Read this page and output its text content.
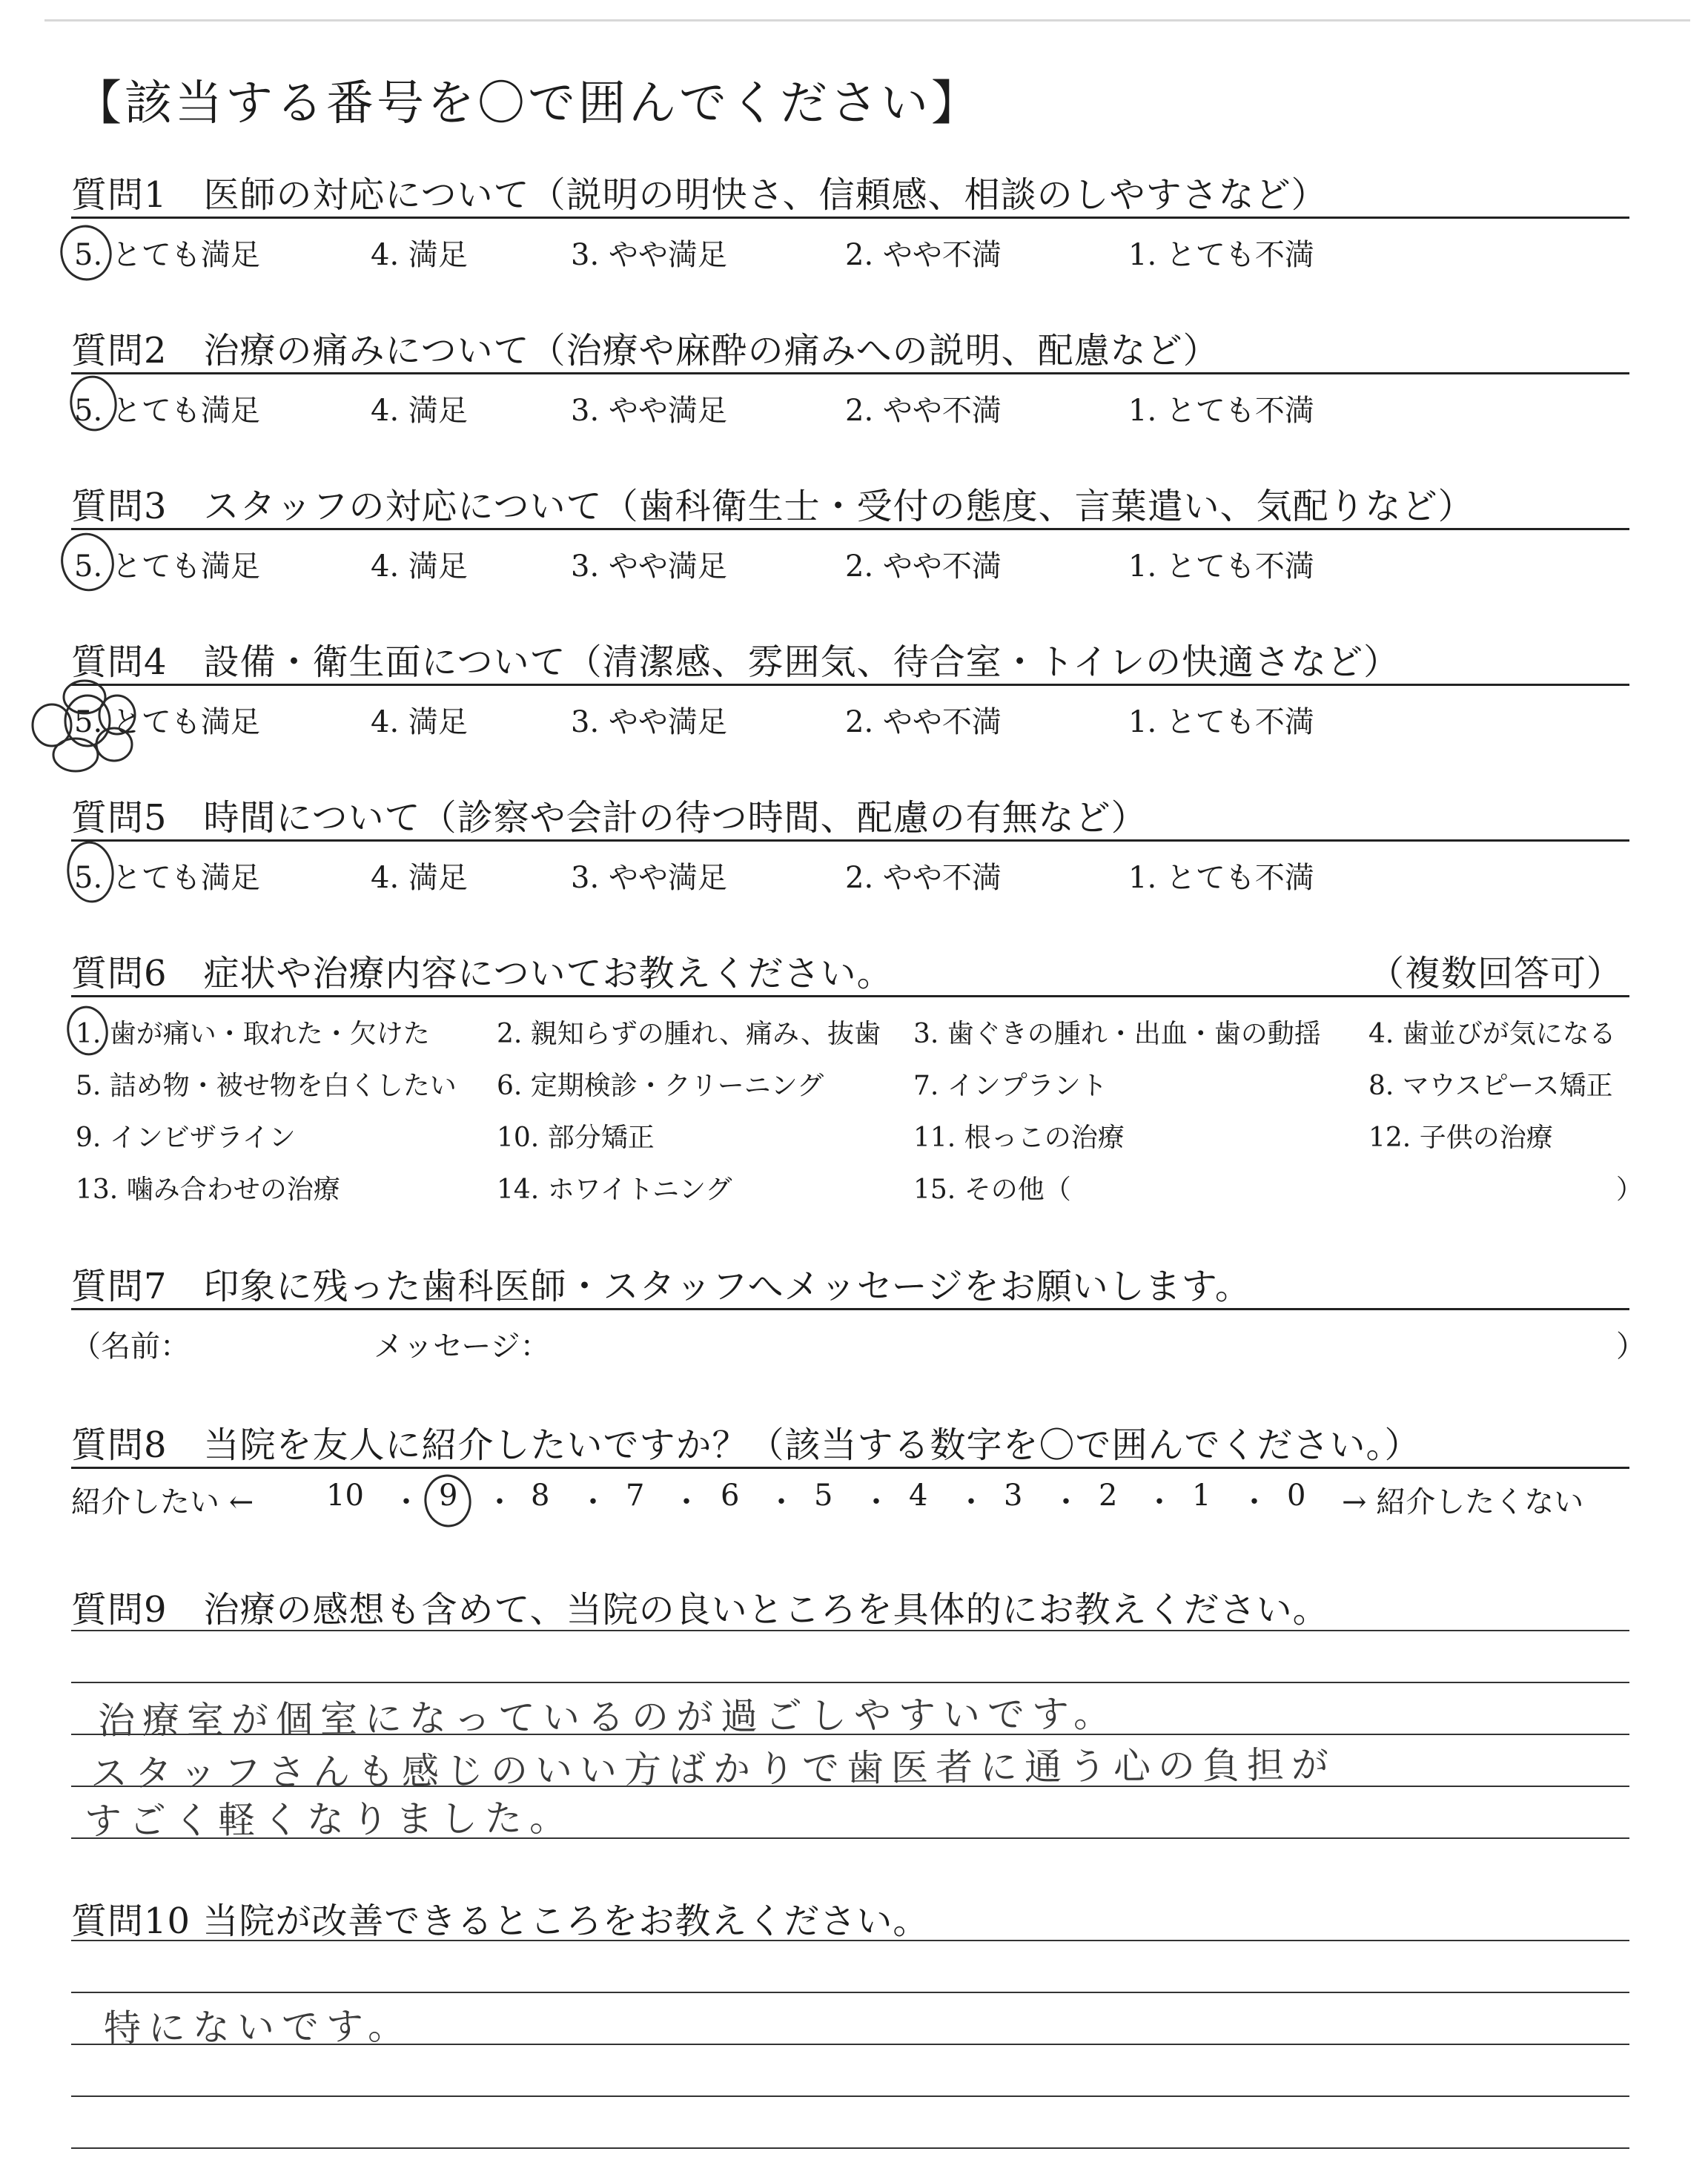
【該当する番号を〇で囲んでください】
質問1　医師の対応について（説明の明快さ、信頼感、相談のしやすさなど）
5. とても満足	4. 満足	3. やや満足	2. やや不満	1. とても不満
質問2　治療の痛みについて（治療や麻酔の痛みへの説明、配慮など）
5. とても満足	4. 満足	3. やや満足	2. やや不満	1. とても不満
質問3　スタッフの対応について（歯科衛生士・受付の態度、言葉遣い、気配りなど）
5. とても満足	4. 満足	3. やや満足	2. やや不満	1. とても不満
質問4　設備・衛生面について（清潔感、雰囲気、待合室・トイレの快適さなど）
5. とても満足	4. 満足	3. やや満足	2. やや不満	1. とても不満
質問5　時間について（診察や会計の待つ時間、配慮の有無など）
5. とても満足	4. 満足	3. やや満足	2. やや不満	1. とても不満
質問6　症状や治療内容についてお教えください。	（複数回答可）
1. 歯が痛い・取れた・欠けた	2. 親知らずの腫れ、痛み、抜歯 3. 歯ぐきの腫れ・出血・歯の動揺 4. 歯並びが気になる
5. 詰め物・被せ物を白くしたい 6. 定期検診・クリーニング	7. インプラント	8. マウスピース矯正
9. インビザライン	10. 部分矯正	11. 根っこの治療	12. 子供の治療
13. 噛み合わせの治療	14. ホワイトニング	15. その他（	）
質問7　印象に残った歯科医師・スタッフへメッセージをお願いします。
（名前：	メッセージ：	）
質問8　当院を友人に紹介したいですか？（該当する数字を〇で囲んでください。）
紹介したい ←	→ 紹介したくない
10 ・ 9 ・ 8 ・ 7 ・ 6 ・ 5 ・ 4 ・ 3 ・ 2 ・ 1 ・ 0
質問9　治療の感想も含めて、当院の良いところを具体的にお教えください。
治療室が個室になっているのが過ごしやすいです。
スタッフさんも感じのいい方ばかりで歯医者に通う心の負担が
すごく軽くなりました。
質問10 当院が改善できるところをお教えください。
特にないです。
